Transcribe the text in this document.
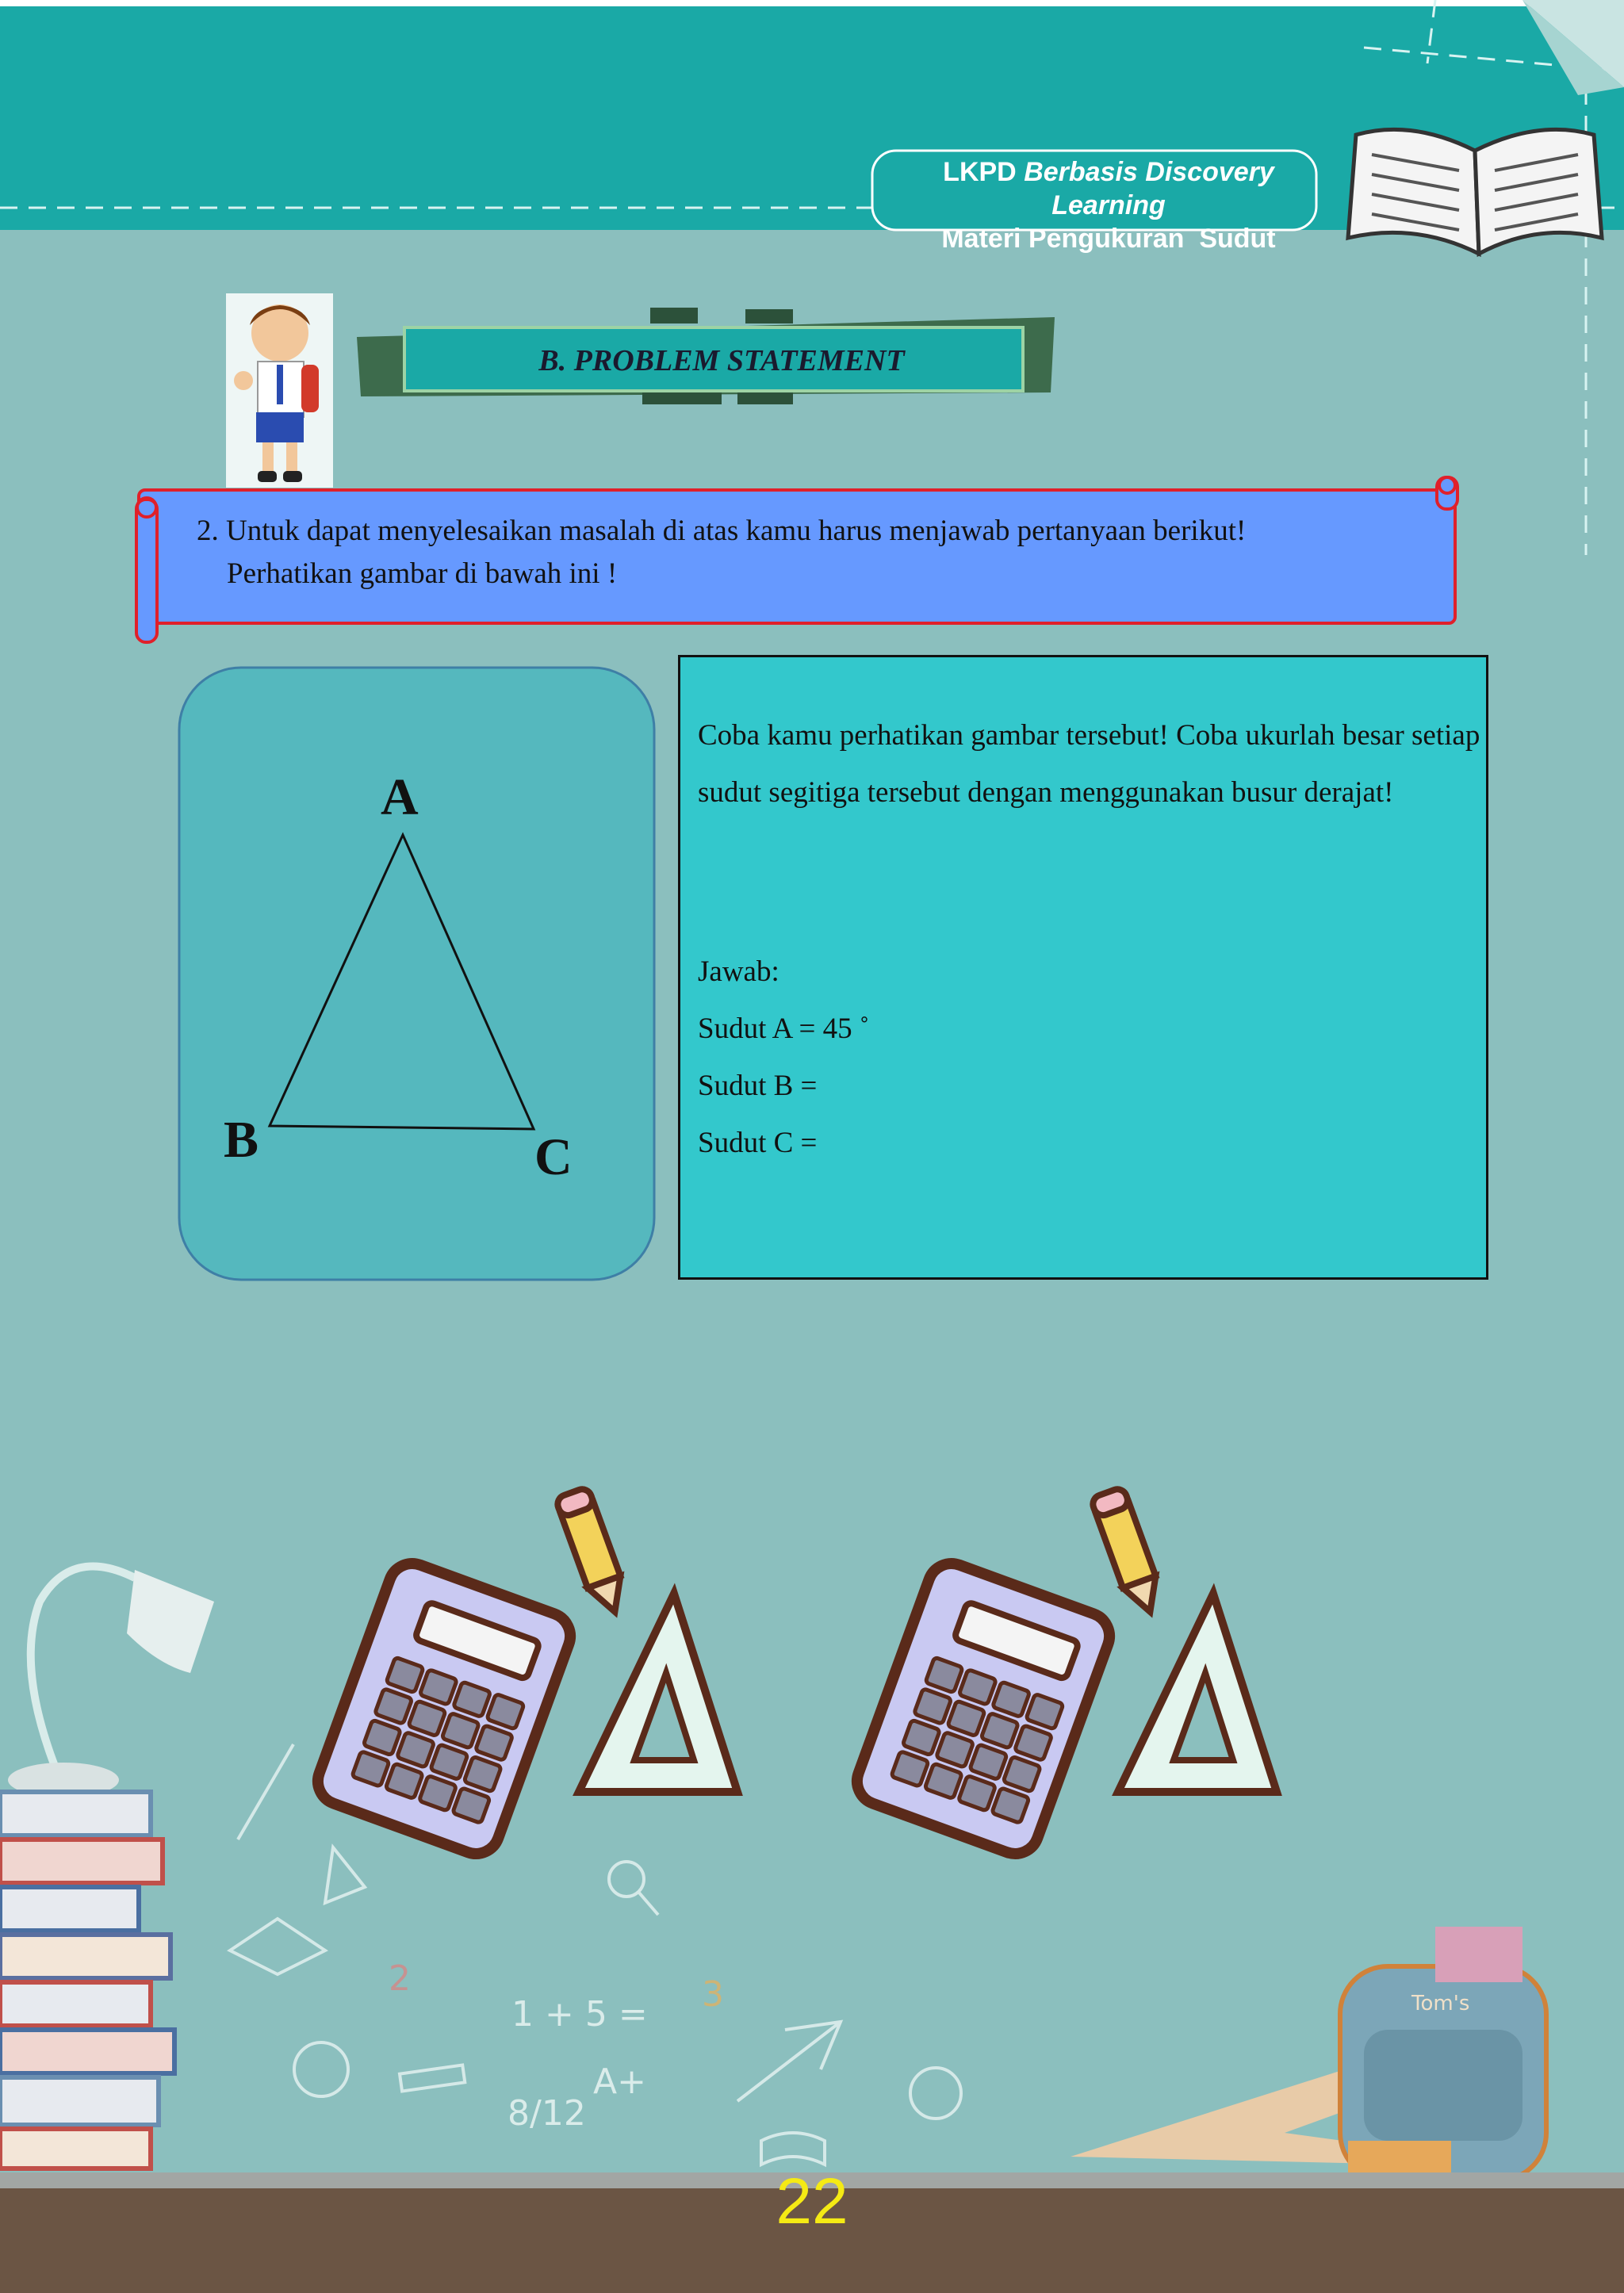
1 + 5 =
8/12
A+
3
2
Tom's
LKPD Berbasis Discovery Learning
Materi Pengukuran  Sudut
B. PROBLEM STATEMENT
2. Untuk dapat menyelesaikan masalah di atas kamu harus menjawab pertanyaan berikut!
Perhatikan gambar di bawah ini !
A
B	C
Coba kamu perhatikan gambar tersebut! Coba ukurlah besar setiap sudut segitiga tersebut dengan menggunakan busur derajat!
Jawab:
Sudut A = 45 ˚
Sudut B =
Sudut C =
22
